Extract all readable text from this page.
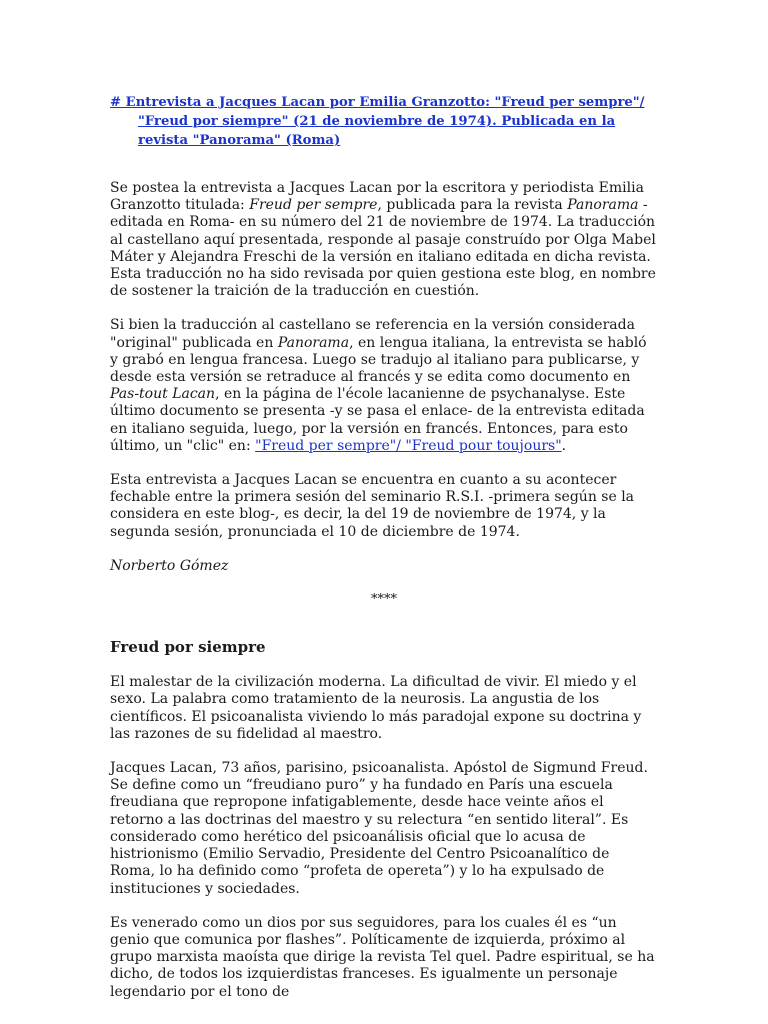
# Entrevista a Jacques Lacan por Emilia Granzotto: "Freud per sempre"/ "Freud por siempre" (21 de noviembre de 1974). Publicada en la revista "Panorama" (Roma)

Se postea la entrevista a Jacques Lacan por la escritora y periodista Emilia Granzotto titulada: Freud per sempre, publicada para la revista Panorama -editada en Roma- en su número del 21 de noviembre de 1974. La traducción al castellano aquí presentada, responde al pasaje construído por Olga Mabel Máter y Alejandra Freschi de la versión en italiano editada en dicha revista. Esta traducción no ha sido revisada por quien gestiona este blog, en nombre de sostener la traición de la traducción en cuestión.

Si bien la traducción al castellano se referencia en la versión considerada "original" publicada en Panorama, en lengua italiana, la entrevista se habló y grabó en lengua francesa. Luego se tradujo al italiano para publicarse, y desde esta versión se retraduce al francés y se edita como documento en Pas-tout Lacan, en la página de l'école lacanienne de psychanalyse. Este último documento se presenta -y se pasa el enlace- de la entrevista editada en italiano seguida, luego, por la versión en francés. Entonces, para esto último, un "clic" en: "Freud per sempre"/ "Freud pour toujours".

Esta entrevista a Jacques Lacan se encuentra en cuanto a su acontecer fechable entre la primera sesión del seminario R.S.I. -primera según se la considera en este blog-, es decir, la del 19 de noviembre de 1974, y la segunda sesión, pronunciada el 10 de diciembre de 1974.

Norberto Gómez

****

Freud por siempre

El malestar de la civilización moderna. La dificultad de vivir. El miedo y el sexo. La palabra como tratamiento de la neurosis. La angustia de los científicos. El psicoanalista viviendo lo más paradojal expone su doctrina y las razones de su fidelidad al maestro.

Jacques Lacan, 73 años, parisino, psicoanalista. Apóstol de Sigmund Freud. Se define como un “freudiano puro” y ha fundado en París una escuela freudiana que repropone infatigablemente, desde hace veinte años el retorno a las doctrinas del maestro y su relectura “en sentido literal”. Es considerado como herético del psicoanálisis oficial que lo acusa de histrionismo (Emilio Servadio, Presidente del Centro Psicoanalítico de Roma, lo ha definido como “profeta de opereta”) y lo ha expulsado de instituciones y sociedades.

Es venerado como un dios por sus seguidores, para los cuales él es “un genio que comunica por flashes”. Políticamente de izquierda, próximo al grupo marxista maoísta que dirige la revista Tel quel. Padre espiritual, se ha dicho, de todos los izquierdistas franceses. Es igualmente un personaje legendario por el tono de
